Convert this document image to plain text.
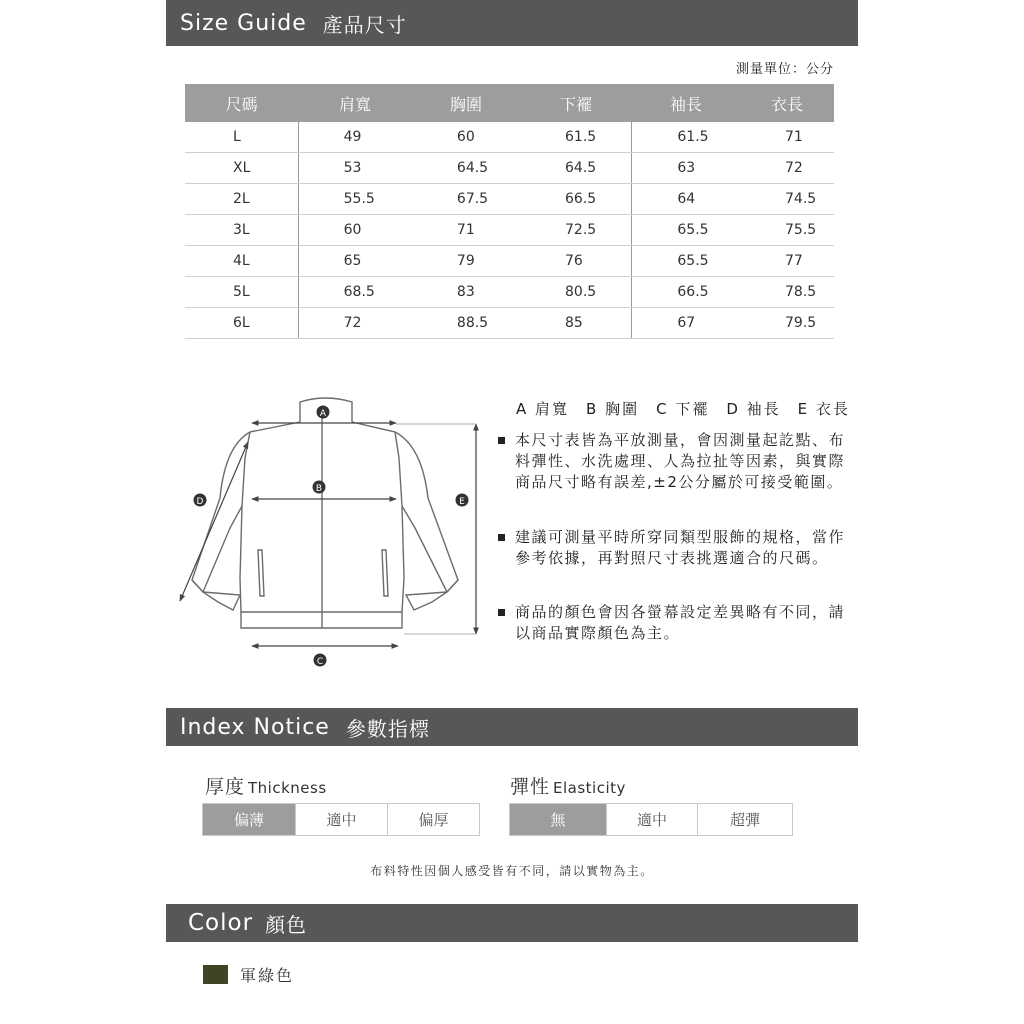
Size Guide 產品尺寸
測量單位：公分
尺碼	肩寬	胸圍	下襬	袖長	衣長
L	49	60	61.5	61.5	71
XL	53	64.5	64.5	63	72
2L	55.5	67.5	66.5	64	74.5
3L	60	71	72.5	65.5	75.5
4L	65	79	76	65.5	77
5L	68.5	83	80.5	66.5	78.5
6L	72	88.5	85	67	79.5
A
B
C
D	E
A 肩寬　B 胸圍　C 下襬　D 袖長　E 衣長
本尺寸表皆為平放測量，會因測量起訖點、布料彈性、水洗處理、人為拉扯等因素，與實際商品尺寸略有誤差,±2公分屬於可接受範圍。
建議可測量平時所穿同類型服飾的規格，當作參考依據，再對照尺寸表挑選適合的尺碼。
商品的顏色會因各螢幕設定差異略有不同，請以商品實際顏色為主。
Index Notice 參數指標
厚度 Thickness
偏薄	適中	偏厚
彈性 Elasticity
無	適中	超彈
布料特性因個人感受皆有不同，請以實物為主。
Color 顏色
軍綠色
